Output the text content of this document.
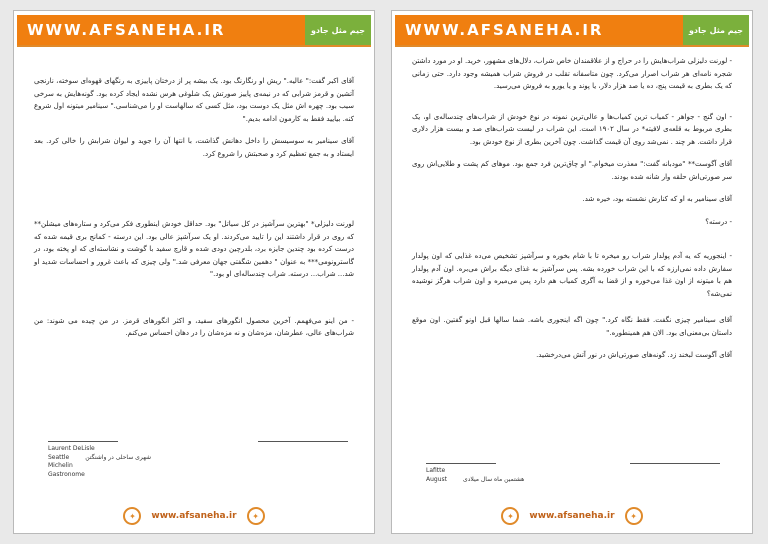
WWW.AFSANEHA.IR	جیم مثل جادو

آقای اکبر گفت:" عالیه." ریش او رنگارنگ بود. یک بیشه پر از درختان پاییزی به رنگهای قهوه‌ای سوخته، نارنجی آتشین و قرمز شرابی که در نیمه‌ی پاییز صورتش یک شلوغی هرس نشده ایجاد کرده بود. گونه‌هایش به سرخی سیب بود. چهره اش مثل یک دوست بود، مثل کسی که سالهاست او را می‌شناسی." سینامیر میتونه اول شروع کنه. بیایید فقط به کارمون ادامه بدیم."

آقای سینامیر به سوسیسش را داخل دهانش گذاشت، با انتها آن را جوید و لیوان شرابش را خالی کرد. بعد ایستاد و به جمع تعظیم کرد و صحبتش را شروع کرد.

لورنت دلیزلی* "بهترین سرآشپز در کل سیاتل" بود. حداقل خودش اینطوری فکر می‌کرد و ستاره‌های میشلن** که روی در قرار داشتند این را تایید می‌کردند. او یک سرآشپز عالی بود. این درسته - کمانج بری قیمه شده که درست کرده بود چندین جایزه برد، بلدرچین دودی شده و قارچ سفید با گوشت و نشاسته‌ای که او پخته بود، در گاسترونومی*** به عنوان " دهمین شگفتی جهان معرفی شد." ولی چیزی که باعث غرور و احساسات شدید او شد... شراب... درسته. شراب چندساله‌ای او بود."

- من اینو می‌فهمم. آخرین محصول انگورهای سفید، و اکثر انگورهای قرمز. در من چیده می‌ شوند: من شراب‌های عالی، عطرشان، مزه‌شان و نه مزه‌شان را در دهان احساس می‌کنم.

Laurent DeLisle
Seattle	شهری ساحلی در واشنگتن
Michelin
Gastronome
✦	www.afsaneha.ir	✦
WWW.AFSANEHA.IR	جیم مثل جادو

- لورنت دلیزلی شراب‌هایش را در حراج و از علاقمندان خاص شراب، دلال‌های مشهور، خرید. او در مورد داشتن شجره نامه‌ای هر شراب اصرار می‌کرد. چون متاسفانه تقلب در فروش شراب همیشه وجود دارد. حتی زمانی که یک بطری به قیمت پنج، ده یا صد هزار دلار، یا پوند و یا یورو به فروش می‌رسید.

- اون گنج - جواهر - کمیاب ترین کمیاب‌ها و عالی‌ترین نمونه در نوع خودش از شراب‌های چندساله‌ی او، یک بطری مربوط به قلعه‌ی لافیته* در سال ۱۹۰۲ است. این شراب در لیست شراب‌های صد و بیست هزار دلاری قرار داشت. هر چند . نمی‌شد روی آن قیمت گذاشت. چون آخرین بطری از نوع خودش بود.

آقای آگوست** "مودبانه گفت:" معذرت میخوام." او چاق‌ترین فرد جمع بود. موهای کم پشت و طلایی‌اش روی سر صورتی‌اش حلقه وار شانه شده بودند.

آقای سینامیر به او که کنارش نشسته بود، خیره شد.

- درسته؟

- اینجوریه که یه آدم پولدار شراب رو میخره تا با شام بخوره و سرآشپز تشخیص می‌ده غذایی که اون پولدار سفارش داده نمی‌ارزه که با این شراب خورده بشه. پس سرآشپز به غذای دیگه براش می‌بره. اون آدم پولدار هم با میتونه از اون غذا می‌خوره و از قضا به آگری کمیاب هم دارد پس می‌میره و اون شراب هرگز نوشیده نمی‌شه؟

آقای سینامیر چیزی نگفت. فقط نگاه کرد." چون اگه اینجوری باشه. شما سالها قبل اونو گفتین. اون موقع داستان بی‌معنی‌ای بود. الان هم همینطوره."

آقای آگوست لبخند زد. گونه‌های صورتی‌اش در نور آتش می‌درخشید.

Lafitte
August	هشتمین ماه سال میلادی
✦	www.afsaneha.ir	✦
